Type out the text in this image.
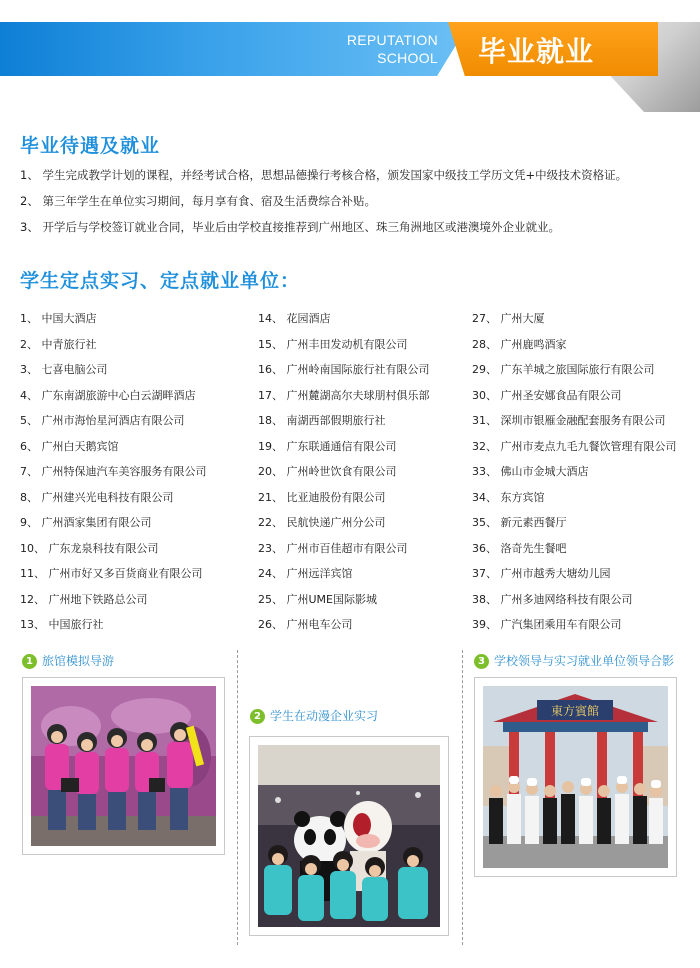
REPUTATION
SCHOOL 毕业就业
毕业待遇及就业
1、 学生完成教学计划的课程，并经考试合格，思想品德操行考核合格，颁发国家中级技工学历文凭+中级技术资格证。
2、 第三年学生在单位实习期间，每月享有食、宿及生活费综合补贴。
3、 开学后与学校签订就业合同，毕业后由学校直接推荐到广州地区、珠三角洲地区或港澳境外企业就业。
学生定点实习、定点就业单位：
1、 中国大酒店
2、 中青旅行社
3、 七喜电脑公司
4、 广东南湖旅游中心白云湖畔酒店
5、 广州市海怡星河酒店有限公司
6、 广州白天鹅宾馆
7、 广州特保迪汽车美容服务有限公司
8、 广州建兴光电科技有限公司
9、 广州酒家集团有限公司
10、 广东龙泉科技有限公司
11、 广州市好又多百货商业有限公司
12、 广州地下铁路总公司
13、 中国旅行社
14、 花园酒店
15、 广州丰田发动机有限公司
16、 广州岭南国际旅行社有限公司
17、 广州麓湖高尔夫球朋村俱乐部
18、 南湖西部假期旅行社
19、 广东联通通信有限公司
20、 广州岭世饮食有限公司
21、 比亚迪股份有限公司
22、 民航快递广州分公司
23、 广州市百佳超市有限公司
24、 广州远洋宾馆
25、 广州UME国际影城
26、 广州电车公司
27、 广州大厦
28、 广州鹿鸣酒家
29、 广东羊城之旅国际旅行有限公司
30、 广州圣安娜食品有限公司
31、 深圳市银雁金融配套服务有限公司
32、 广州市麦点九毛九餐饮管理有限公司
33、 佛山市金城大酒店
34、 东方宾馆
35、 新元素西餐厅
36、 洛奇先生餐吧
37、 广州市越秀大塘幼儿园
38、 广州多迪网络科技有限公司
39、 广汽集团乘用车有限公司
1 旅馆模拟导游
2 学生在动漫企业实习
3 学校领导与实习就业单位领导合影
東方賓館
